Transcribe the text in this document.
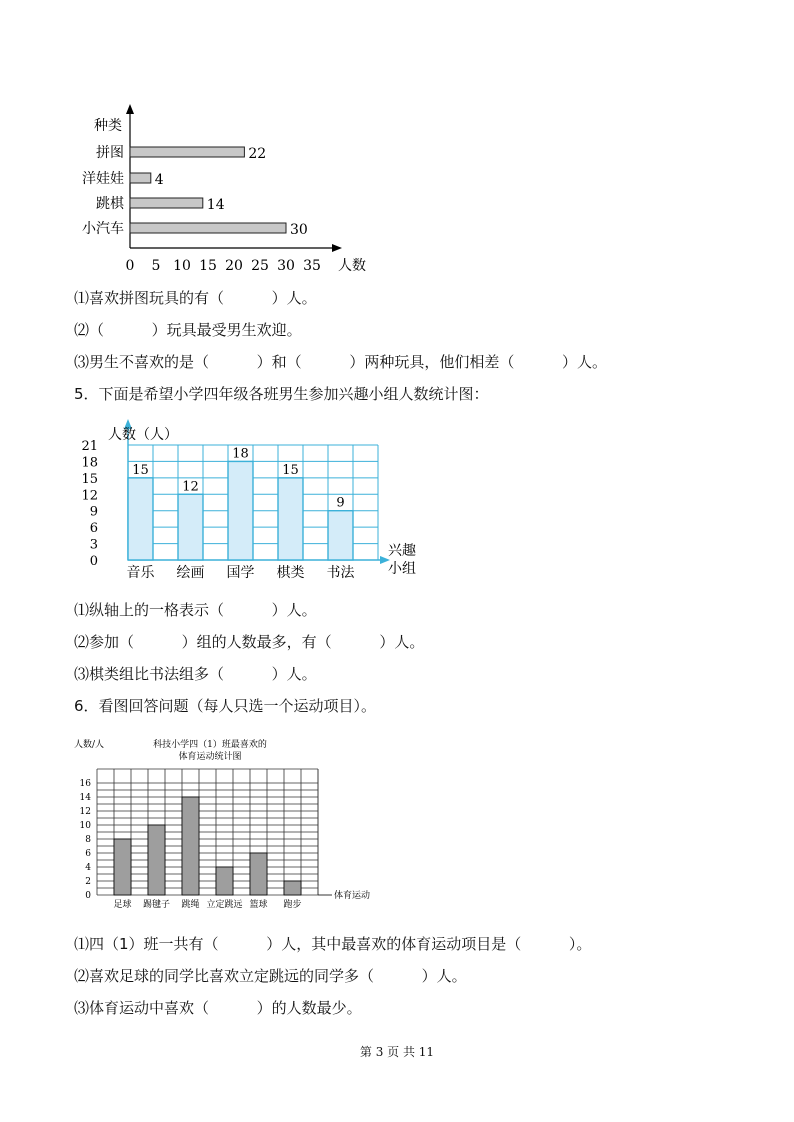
种类
人数
拼图	22
洋娃娃 4
跳棋	14
小汽车	30
0 5 10 15 20 25 30 35
⑴喜欢拼图玩具的有（          ）人。
⑵（          ）玩具最受男生欢迎。
⑶男生不喜欢的是（          ）和（          ）两种玩具，他们相差（          ）人。
5．下面是希望小学四年级各班男生参加兴趣小组人数统计图：
人数（人）
兴趣
小组
0
3
6
9
12
15
18
21
15
音乐
12
绘画
18
国学
15
棋类
9
书法
⑴纵轴上的一格表示（          ）人。
⑵参加（          ）组的人数最多，有（          ）人。
⑶棋类组比书法组多（          ）人。
6．看图回答问题（每人只选一个运动项目）。
人数/人	科技小学四（1）班最喜欢的
体育运动统计图
体育运动
0
2
4
6
8
10
12
14
16
足球 踢毽子 跳绳 立定跳远 篮球 跑步
⑴四（1）班一共有（          ）人，其中最喜欢的体育运动项目是（          ）。
⑵喜欢足球的同学比喜欢立定跳远的同学多（          ）人。
⑶体育运动中喜欢（          ）的人数最少。
第 3 页 共 11
